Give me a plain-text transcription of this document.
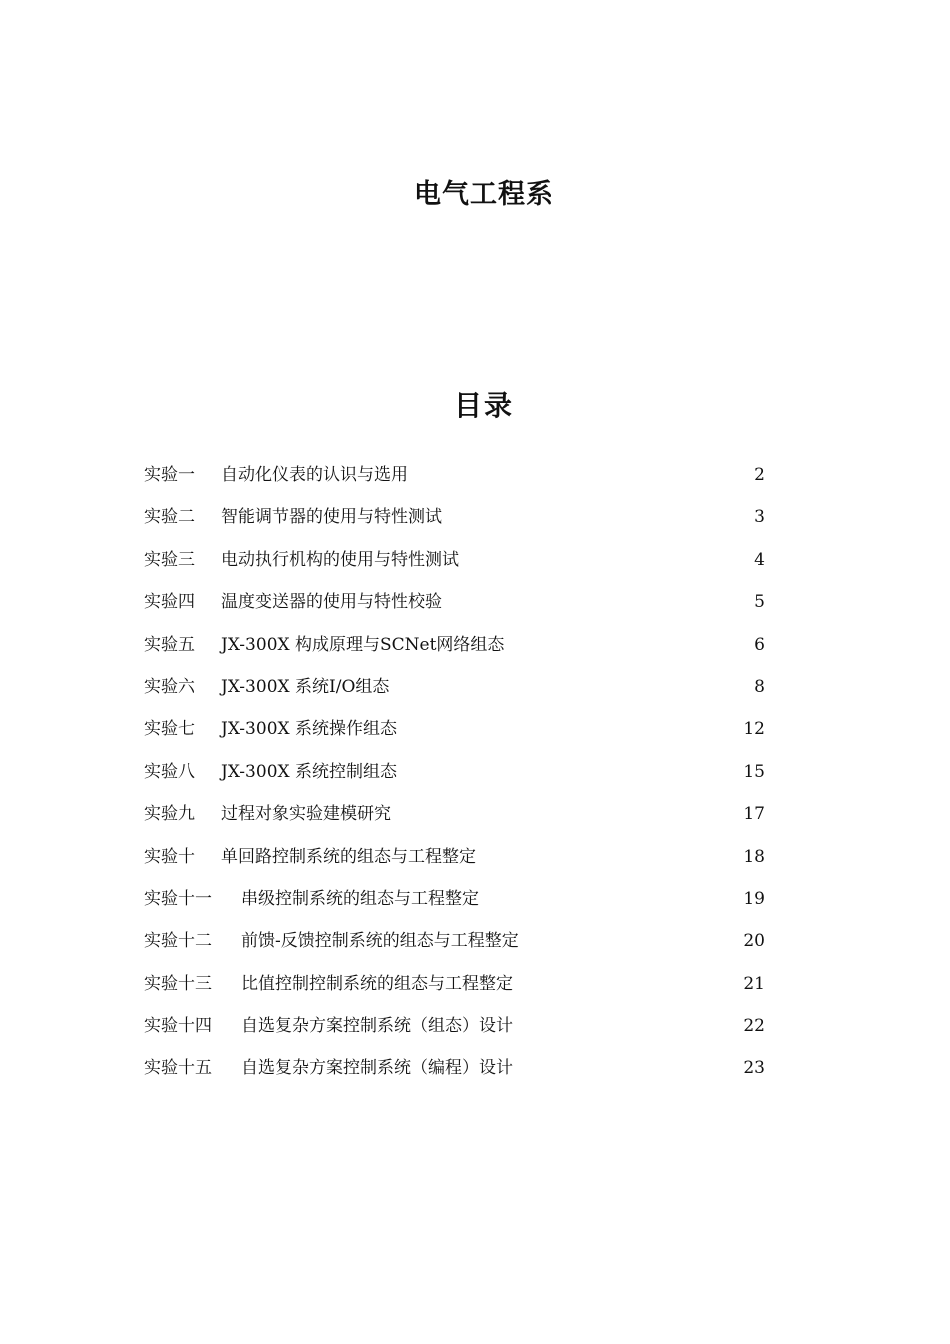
电气工程系
目录
实验一 自动化仪表的认识与选用	2
实验二 智能调节器的使用与特性测试	3
实验三 电动执行机构的使用与特性测试	4
实验四 温度变送器的使用与特性校验	5
实验五 JX-300X 构成原理与SCNet网络组态	6
实验六 JX-300X 系统I/O组态	8
实验七 JX-300X 系统操作组态	12
实验八 JX-300X 系统控制组态	15
实验九 过程对象实验建模研究	17
实验十 单回路控制系统的组态与工程整定	18
实验十一 串级控制系统的组态与工程整定	19
实验十二 前馈-反馈控制系统的组态与工程整定	20
实验十三 比值控制控制系统的组态与工程整定	21
实验十四 自选复杂方案控制系统（组态）设计	22
实验十五 自选复杂方案控制系统（编程）设计	23
